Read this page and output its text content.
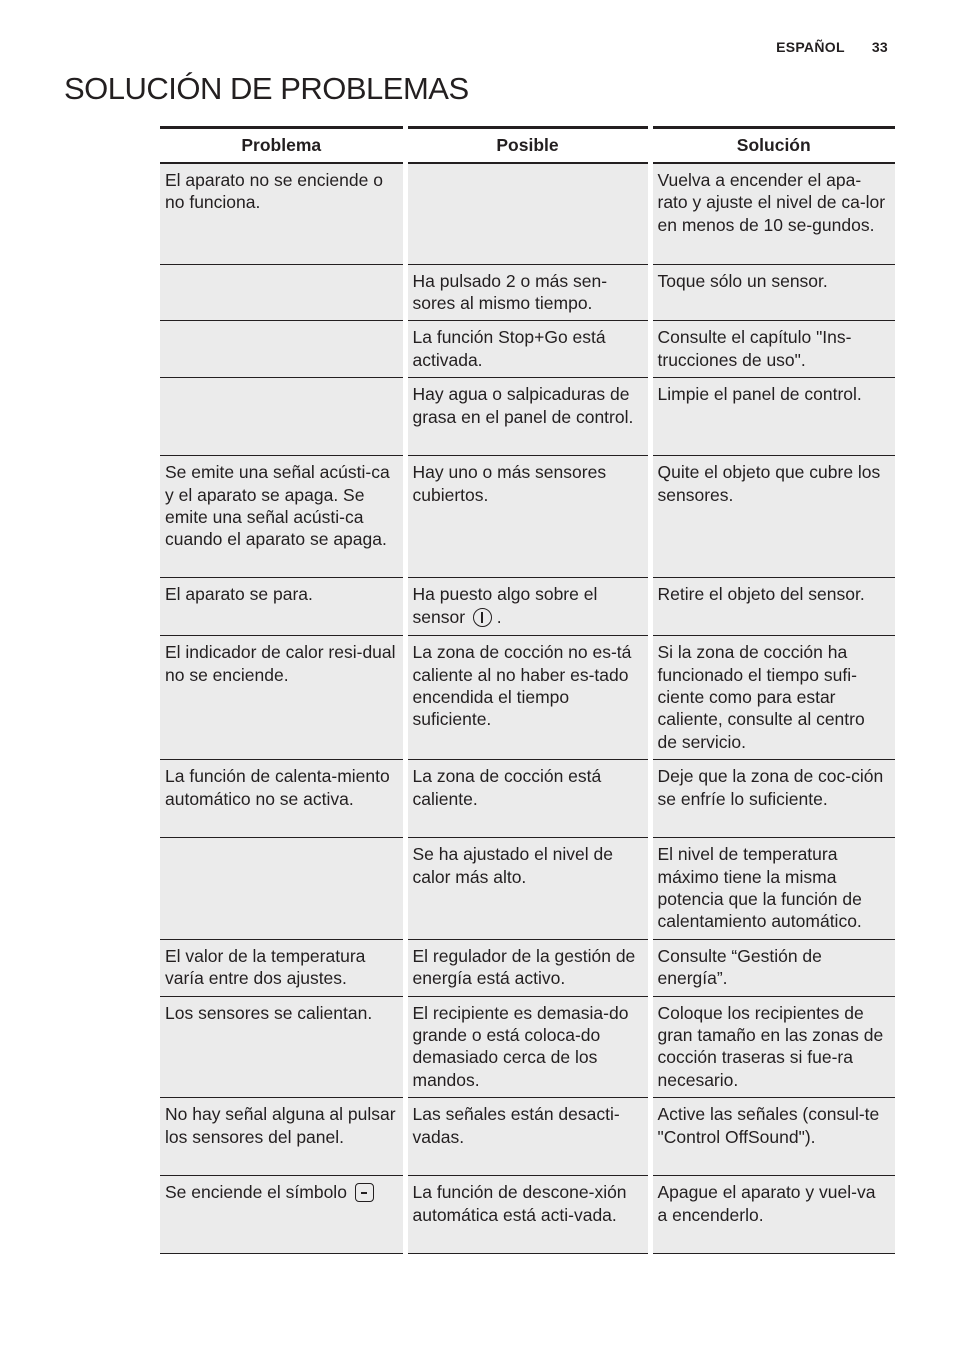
ESPAÑOL 33
SOLUCIÓN DE PROBLEMAS
Problema	Posible	Solución
El aparato no se enciende o no funciona.		Vuelva a encender el apa-rato y ajuste el nivel de ca-lor en menos de 10 se-gundos.
	Ha pulsado 2 o más sen-sores al mismo tiempo.	Toque sólo un sensor.
	La función Stop+Go está activada.	Consulte el capítulo "Ins-trucciones de uso".
	Hay agua o salpicaduras de grasa en el panel de control.	Limpie el panel de control.
Se emite una señal acústi-ca y el aparato se apaga. Se emite una señal acústi-ca cuando el aparato se apaga.	Hay uno o más sensores cubiertos.	Quite el objeto que cubre los sensores.
El aparato se para.	Ha puesto algo sobre el sensor .	Retire el objeto del sensor.
El indicador de calor resi-dual no se enciende.	La zona de cocción no es-tá caliente al no haber es-tado encendida el tiempo suficiente.	Si la zona de cocción ha funcionado el tiempo sufi-ciente como para estar caliente, consulte al centro de servicio.
La función de calenta-miento automático no se activa.	La zona de cocción está caliente.	Deje que la zona de coc-ción se enfríe lo suficiente.
	Se ha ajustado el nivel de calor más alto.	El nivel de temperatura máximo tiene la misma potencia que la función de calentamiento automático.
El valor de la temperatura varía entre dos ajustes.	El regulador de la gestión de energía está activo.	Consulte “Gestión de energía”.
Los sensores se calientan.	El recipiente es demasia-do grande o está coloca-do demasiado cerca de los mandos.	Coloque los recipientes de gran tamaño en las zonas de cocción traseras si fue-ra necesario.
No hay señal alguna al pulsar los sensores del panel.	Las señales están desacti-vadas.	Active las señales (consul-te "Control OffSound").
Se enciende el símbolo	La función de descone-xión automática está acti-vada.	Apague el aparato y vuel-va a encenderlo.
